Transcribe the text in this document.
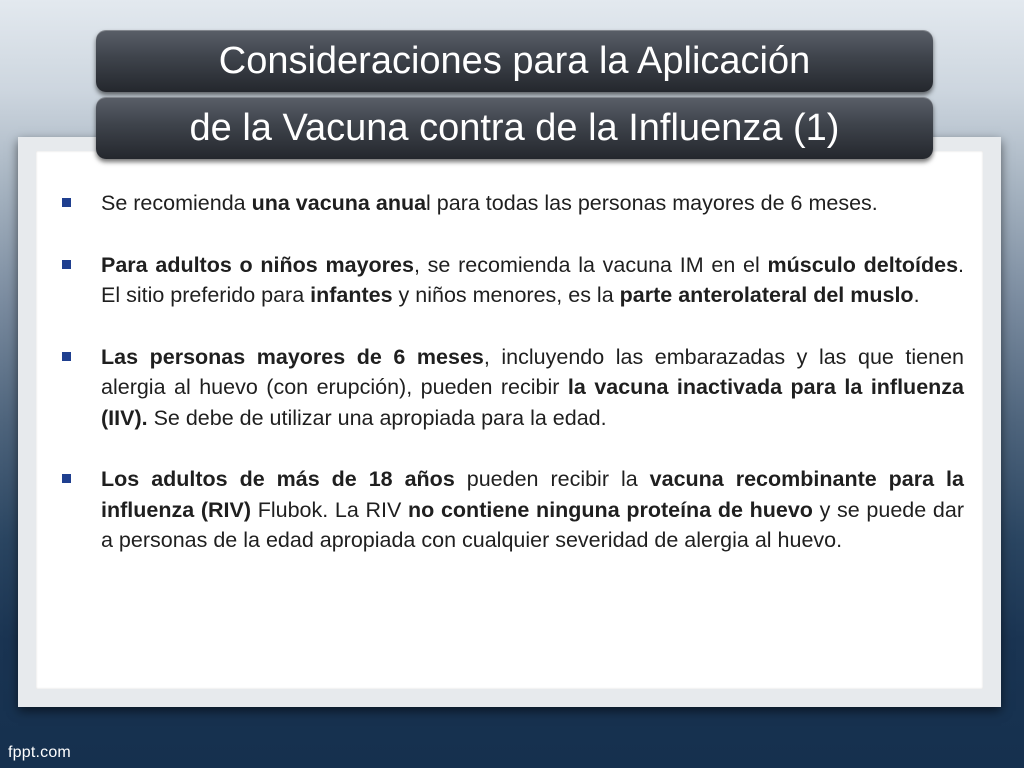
Consideraciones para la Aplicación
de la Vacuna contra de la Influenza (1)
Se recomienda una vacuna anual para todas las personas mayores de 6 meses.
Para adultos o niños mayores, se recomienda la vacuna IM en el músculo deltoídes. El sitio preferido para infantes y niños menores, es la parte anterolateral del muslo.
Las personas mayores de 6 meses, incluyendo las embarazadas y las que tienen alergia al huevo (con erupción), pueden recibir la vacuna inactivada para la influenza (IIV). Se debe de utilizar una apropiada para la edad.
Los adultos de más de 18 años pueden recibir la vacuna recombinante para la influenza (RIV) Flubok. La RIV no contiene ninguna proteína de huevo y se puede dar a personas de la edad apropiada con cualquier severidad de alergia al huevo.
fppt.com
